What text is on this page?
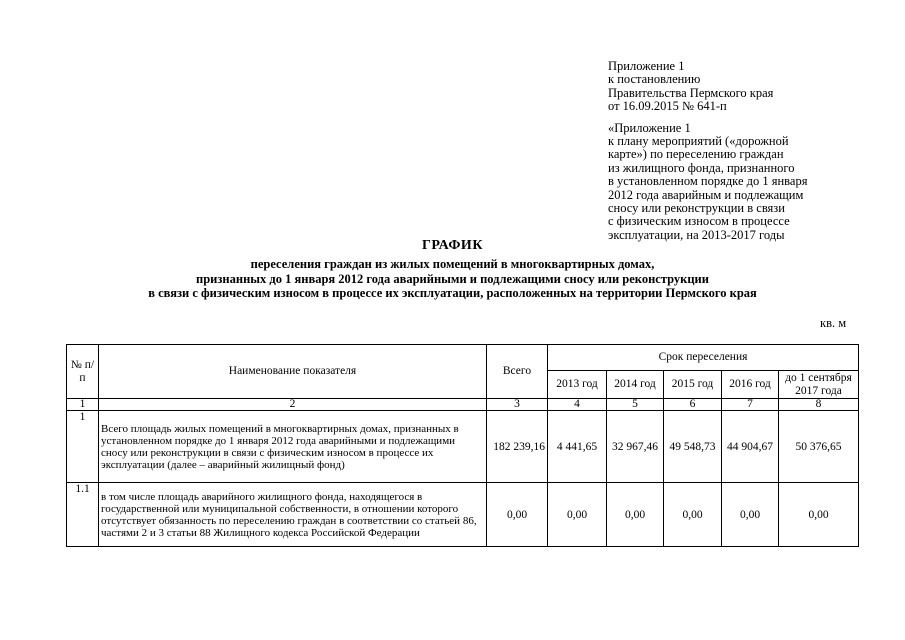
Приложение 1
к постановлению
Правительства Пермского края
от 16.09.2015 № 641-п
«Приложение 1
к плану мероприятий («дорожной
карте») по переселению граждан
из жилищного фонда, признанного
в установленном порядке до 1 января
2012 года аварийным и подлежащим
сносу или реконструкции в связи
с физическим износом в процессе
эксплуатации, на 2013-2017 годы
ГРАФИК
переселения граждан из жилых помещений в многоквартирных домах,
признанных до 1 января 2012 года аварийными и подлежащими сносу или реконструкции
в связи с физическим износом в процессе их эксплуатации, расположенных на территории Пермского края
кв. м
№ п/п	Наименование показателя	Всего	Срок переселения				
			2013 год	2014 год	2015 год	2016 год	до 1 сентября 2017 года
1	2	3	4	5	6	7	8
1	Всего площадь жилых помещений в многоквартирных домах, признанных в установленном порядке до 1 января 2012 года аварийными и подлежащими сносу или реконструкции в связи с физическим износом в процессе их эксплуатации (далее – аварийный жилищный фонд)	182 239,16	4 441,65	32 967,46	49 548,73	44 904,67	50 376,65
1.1	в том числе площадь аварийного жилищного фонда, находящегося в государственной или муниципальной собственности, в отношении которого отсутствует обязанность по переселению граждан в соответствии со статьей 86, частями 2 и 3 статьи 88 Жилищного кодекса Российской Федерации	0,00	0,00	0,00	0,00	0,00	0,00
